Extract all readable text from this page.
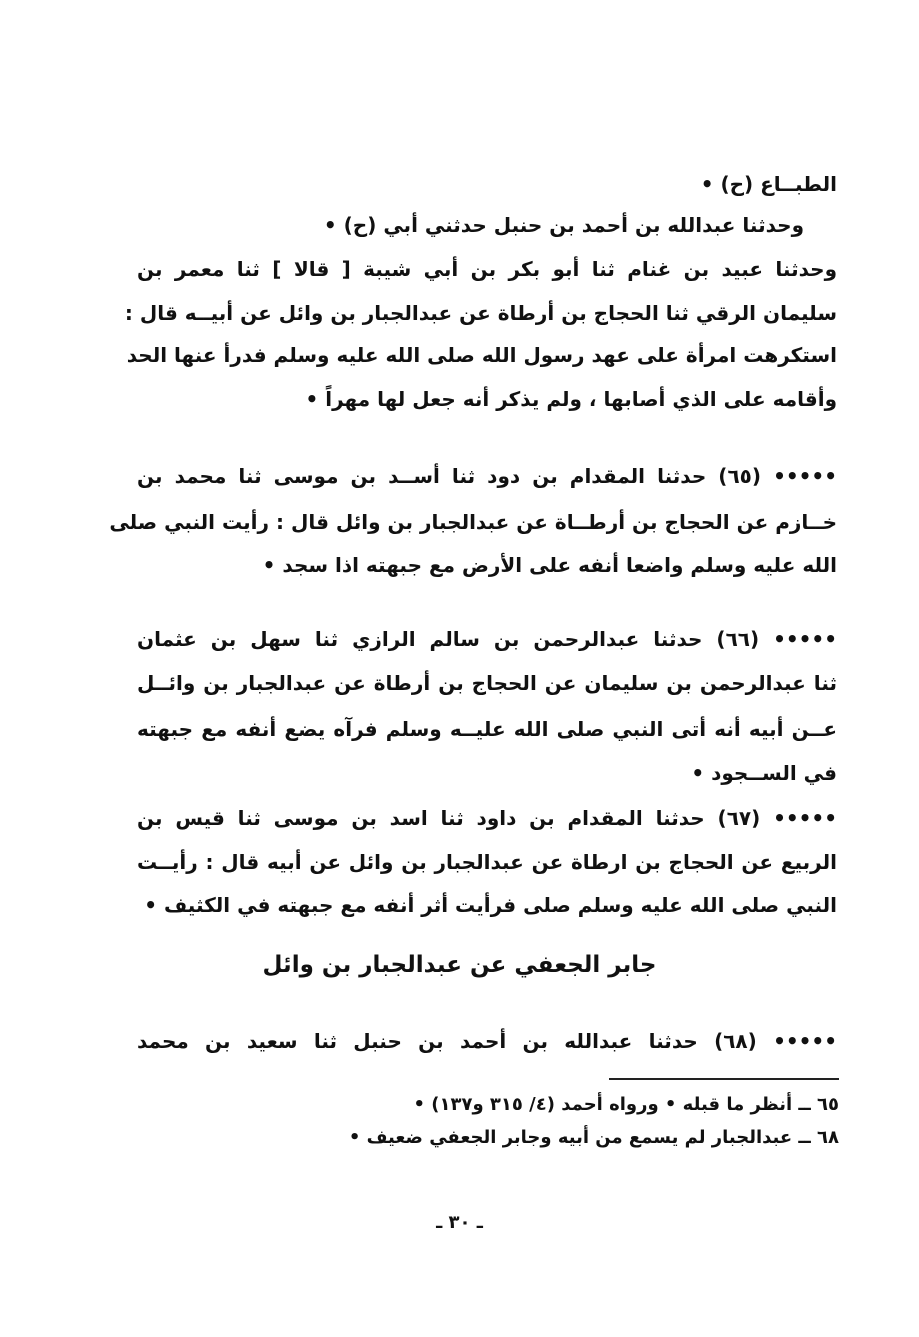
الطبــاع (ح) •
وحدثنا عبدالله بن أحمد بن حنبل حدثني أبي (ح) •
وحدثنا عبيد بن غنام ثنا أبو بكر بن أبي شيبة [ قالا ] ثنا معمر بن
سليمان الرقي ثنا الحجاج بن أرطاة عن عبدالجبار بن وائل عن أبيــه قال :
استكرهت امرأة على عهد رسول الله صلى الله عليه وسلم فدرأ عنها الحد
وأقامه على الذي أصابها ، ولم يذكر أنه جعل لها مهراً •
••••• (٦٥) حدثنا المقدام بن دود ثنا أســد بن موسى ثنا محمد بن
خــازم عن الحجاج بن أرطــاة عن عبدالجبار بن وائل قال : رأيت النبي صلى
الله عليه وسلم واضعا أنفه على الأرض مع جبهته اذا سجد •
••••• (٦٦) حدثنا عبدالرحمن بن سالم الرازي ثنا سهل بن عثمان
ثنا عبدالرحمن بن سليمان عن الحجاج بن أرطاة عن عبدالجبار بن وائــل
عــن أبيه أنه أتى النبي صلى الله عليــه وسلم فرآه يضع أنفه مع جبهته
في الســجود •
••••• (٦٧) حدثنا المقدام بن داود ثنا اسد بن موسى ثنا قيس بن
الربيع عن الحجاج بن ارطاة عن عبدالجبار بن وائل عن أبيه قال : رأيــت
النبي صلى الله عليه وسلم صلى فرأيت أثر أنفه مع جبهته في الكثيف •
جابر الجعفي عن عبدالجبار بن وائل
••••• (٦٨) حدثنا عبدالله بن أحمد بن حنبل ثنا سعيد بن محمد
٦٥ ــ أنظر ما قبله • ورواه أحمد (٤/ ٣١٥ و١٣٧) •
٦٨ ــ عبدالجبار لم يسمع من أبيه وجابر الجعفي ضعيف •
ـ ٣٠ ـ
